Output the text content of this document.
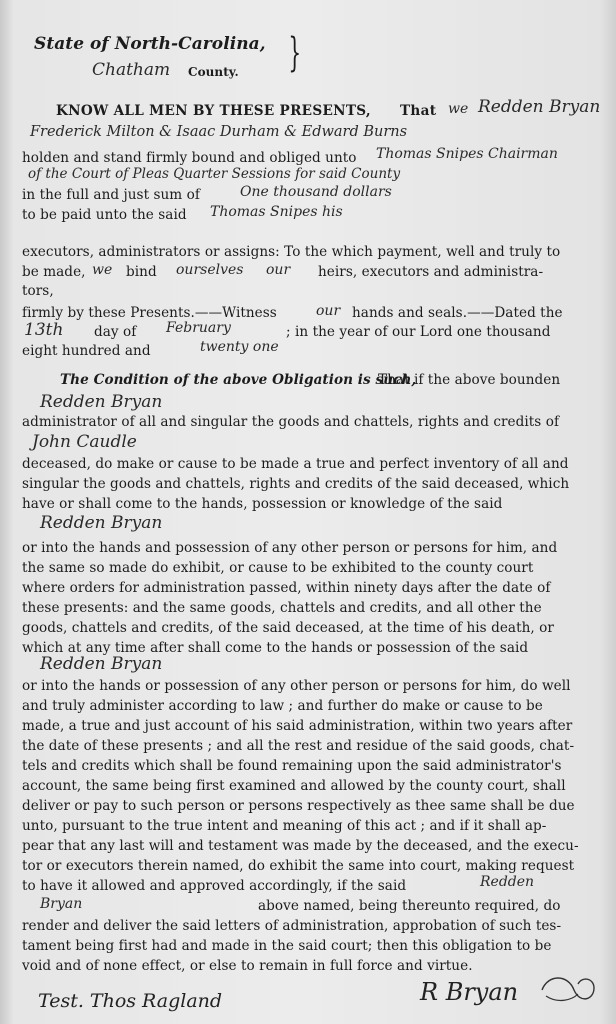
State of North-Carolina,
Chatham County. }
KNOW ALL MEN BY THESE PRESENTS, That we Redden Bryan
Frederick Milton & Isaac Durham & Edward Burns
holden and stand firmly bound and obliged unto Thomas Snipes Chairman
of the Court of Pleas Quarter Sessions for said County
in the full and just sum of	One thousand dollars
to be paid unto the said Thomas Snipes his
executors, administrators or assigns: To the which payment, well and truly to
be made, we bind ourselves our heirs, executors and administra-
tors,
firmly by these Presents.——Witness	our hands and seals.——Dated the
13th day of February	; in the year of our Lord one thousand
eight hundred and	twenty one
The Condition of the above Obligation is such,
That if the above bounden
Redden Bryan
administrator of all and singular the goods and chattels, rights and credits of
John Caudle
deceased, do make or cause to be made a true and perfect inventory of all and
singular the goods and chattels, rights and credits of the said deceased, which
have or shall come to the hands, possession or knowledge of the said
Redden Bryan
or into the hands and possession of any other person or persons for him, and
the same so made do exhibit, or cause to be exhibited to the county court
where orders for administration passed, within ninety days after the date of
these presents: and the same goods, chattels and credits, and all other the
goods, chattels and credits, of the said deceased, at the time of his death, or
which at any time after shall come to the hands or possession of the said
Redden Bryan
or into the hands or possession of any other person or persons for him, do well
and truly administer according to law ; and further do make or cause to be
made, a true and just account of his said administration, within two years after
the date of these presents ; and all the rest and residue of the said goods, chat-
tels and credits which shall be found remaining upon the said administrator's
account, the same being first examined and allowed by the county court, shall
deliver or pay to such person or persons respectively as thee same shall be due
unto, pursuant to the true intent and meaning of this act ; and if it shall ap-
pear that any last will and testament was made by the deceased, and the execu-
tor or executors therein named, do exhibit the same into court, making request
to have it allowed and approved accordingly, if the said	Redden
Bryan	above named, being thereunto required, do
render and deliver the said letters of administration, approbation of such tes-
tament being first had and made in the said court; then this obligation to be
void and of none effect, or else to remain in full force and virtue.
Test. Thos Ragland	R Bryan
